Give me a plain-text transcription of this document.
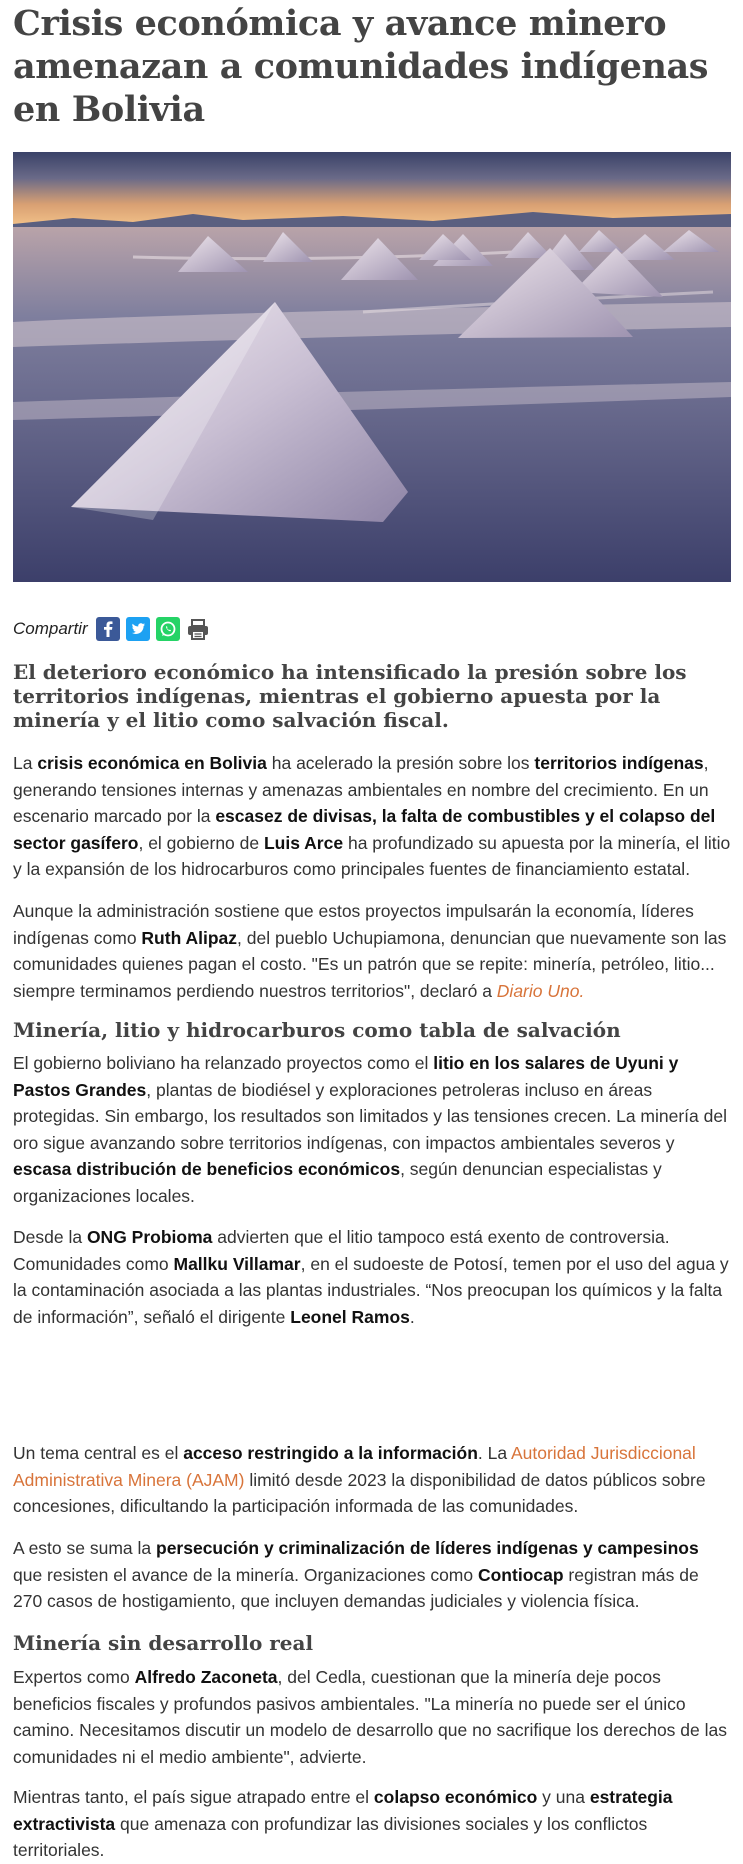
Crisis económica y avance minero amenazan a comunidades indígenas en Bolivia
Compartir

El deterioro económico ha intensificado la presión sobre los territorios indígenas, mientras el gobierno apuesta por la minería y el litio como salvación fiscal.

La crisis económica en Bolivia ha acelerado la presión sobre los territorios indígenas, generando tensiones internas y amenazas ambientales en nombre del crecimiento. En un escenario marcado por la escasez de divisas, la falta de combustibles y el colapso del sector gasífero, el gobierno de Luis Arce ha profundizado su apuesta por la minería, el litio y la expansión de los hidrocarburos como principales fuentes de financiamiento estatal.

Aunque la administración sostiene que estos proyectos impulsarán la economía, líderes indígenas como Ruth Alipaz, del pueblo Uchupiamona, denuncian que nuevamente son las comunidades quienes pagan el costo. "Es un patrón que se repite: minería, petróleo, litio... siempre terminamos perdiendo nuestros territorios", declaró a Diario Uno.

Minería, litio y hidrocarburos como tabla de salvación

El gobierno boliviano ha relanzado proyectos como el litio en los salares de Uyuni y Pastos Grandes, plantas de biodiésel y exploraciones petroleras incluso en áreas protegidas. Sin embargo, los resultados son limitados y las tensiones crecen. La minería del oro sigue avanzando sobre territorios indígenas, con impactos ambientales severos y escasa distribución de beneficios económicos, según denuncian especialistas y organizaciones locales.

Desde la ONG Probioma advierten que el litio tampoco está exento de controversia. Comunidades como Mallku Villamar, en el sudoeste de Potosí, temen por el uso del agua y la contaminación asociada a las plantas industriales. “Nos preocupan los químicos y la falta de información”, señaló el dirigente Leonel Ramos.

Un tema central es el acceso restringido a la información. La Autoridad Jurisdiccional Administrativa Minera (AJAM) limitó desde 2023 la disponibilidad de datos públicos sobre concesiones, dificultando la participación informada de las comunidades.

A esto se suma la persecución y criminalización de líderes indígenas y campesinos que resisten el avance de la minería. Organizaciones como Contiocap registran más de 270 casos de hostigamiento, que incluyen demandas judiciales y violencia física.

Minería sin desarrollo real

Expertos como Alfredo Zaconeta, del Cedla, cuestionan que la minería deje pocos beneficios fiscales y profundos pasivos ambientales. "La minería no puede ser el único camino. Necesitamos discutir un modelo de desarrollo que no sacrifique los derechos de las comunidades ni el medio ambiente", advierte.

Mientras tanto, el país sigue atrapado entre el colapso económico y una estrategia extractivista que amenaza con profundizar las divisiones sociales y los conflictos territoriales.
